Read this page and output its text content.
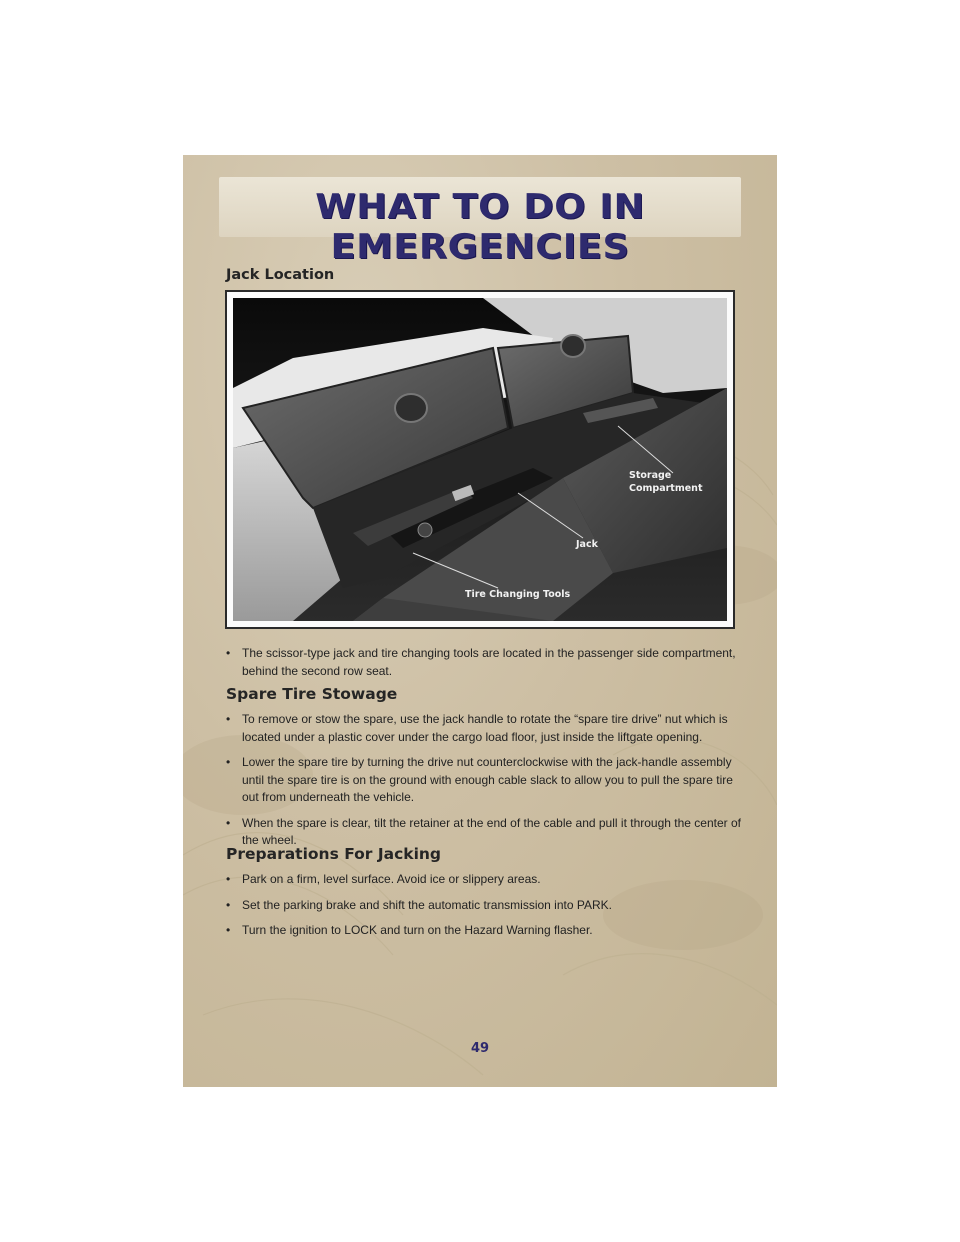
WHAT TO DO IN EMERGENCIES
Jack Location
Storage Compartment
Jack
Tire Changing Tools
• The scissor-type jack and tire changing tools are located in the passenger side compartment, behind the second row seat.
Spare Tire Stowage
• To remove or stow the spare, use the jack handle to rotate the “spare tire drive” nut which is located under a plastic cover under the cargo load floor, just inside the liftgate opening.
• Lower the spare tire by turning the drive nut counterclockwise with the jack-handle assembly until the spare tire is on the ground with enough cable slack to allow you to pull the spare tire out from underneath the vehicle.
• When the spare is clear, tilt the retainer at the end of the cable and pull it through the center of the wheel.
Preparations For Jacking
• Park on a firm, level surface. Avoid ice or slippery areas.
• Set the parking brake and shift the automatic transmission into PARK.
• Turn the ignition to LOCK and turn on the Hazard Warning flasher.
49
